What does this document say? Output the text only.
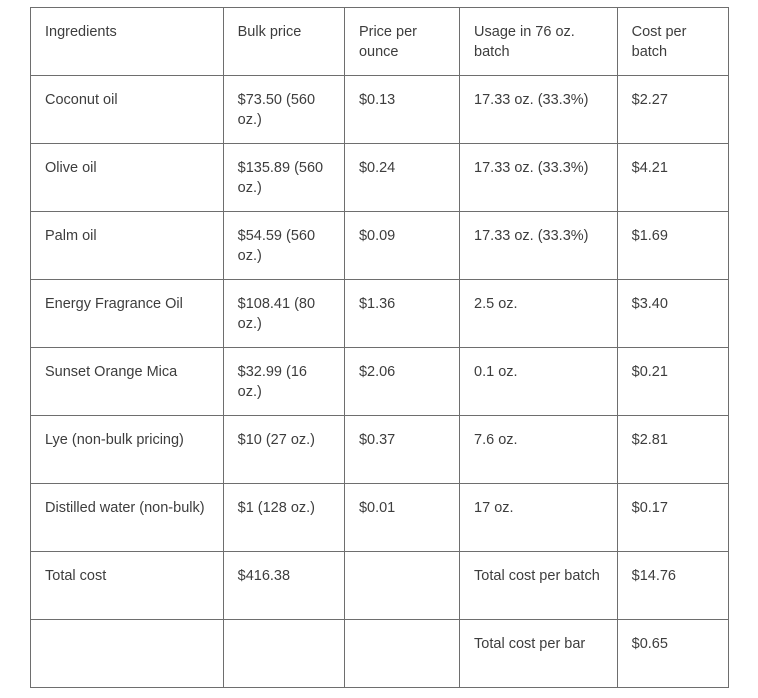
Ingredients	Bulk price	Price per ounce	Usage in 76 oz. batch	Cost per batch
Coconut oil	$73.50 (560 oz.)	$0.13	17.33 oz. (33.3%)	$2.27
Olive oil	$135.89 (560 oz.)	$0.24	17.33 oz. (33.3%)	$4.21
Palm oil	$54.59 (560 oz.)	$0.09	17.33 oz. (33.3%)	$1.69
Energy Fragrance Oil	$108.41 (80 oz.)	$1.36	2.5 oz.	$3.40
Sunset Orange Mica	$32.99 (16 oz.)	$2.06	0.1 oz.	$0.21
Lye (non-bulk pricing)	$10 (27 oz.)	$0.37	7.6 oz.	$2.81
Distilled water (non-bulk)	$1 (128 oz.)	$0.01	17 oz.	$0.17
Total cost	$416.38		Total cost per batch	$14.76
			Total cost per bar	$0.65
